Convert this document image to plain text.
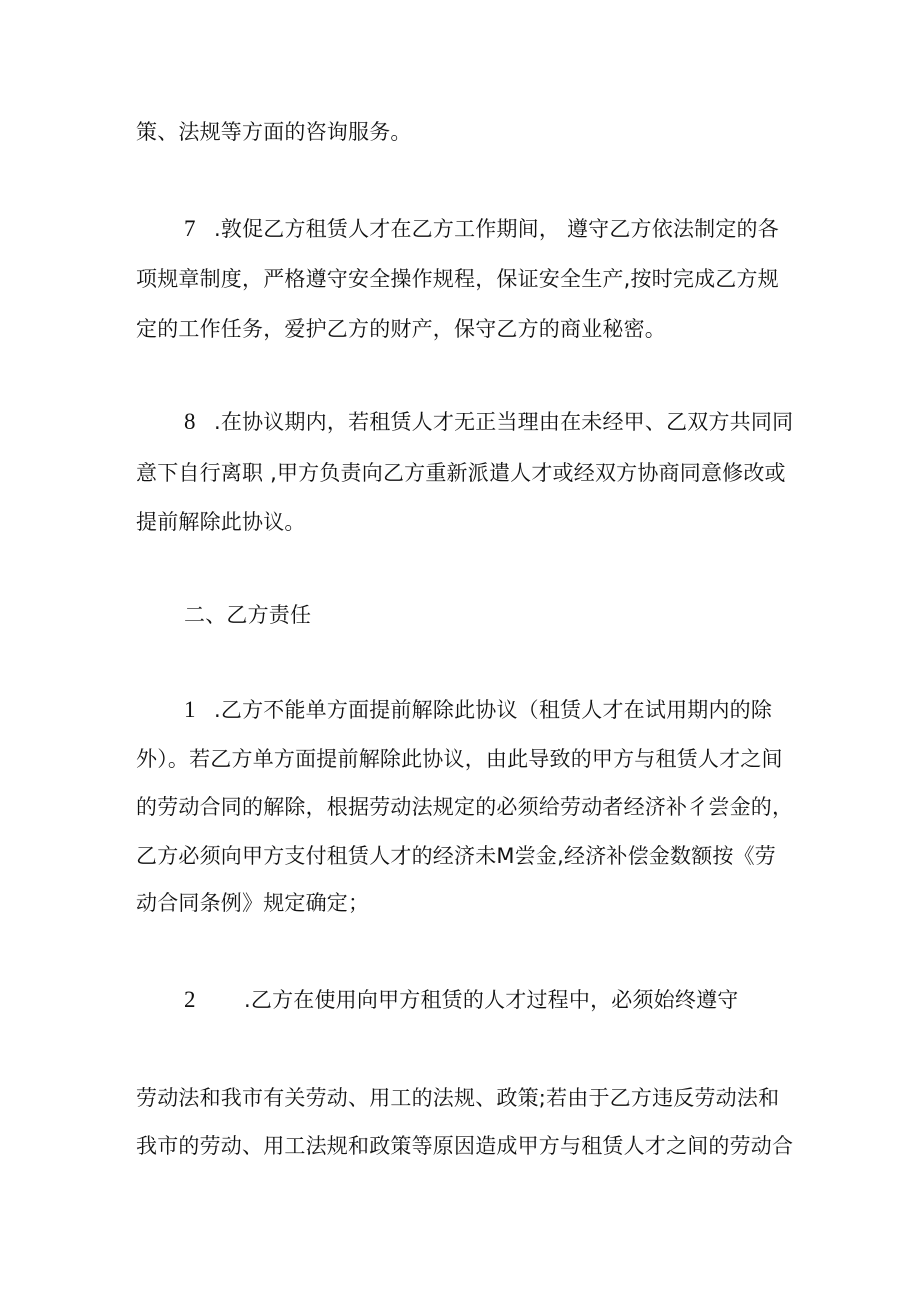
策、法规等方面的咨询服务。
7 .敦促乙方租赁人才在乙方工作期间， 遵守乙方依法制定的各
项规章制度，严格遵守安全操作规程，保证安全生产,按时完成乙方规
定的工作任务，爱护乙方的财产，保守乙方的商业秘密。
8 .在协议期内，若租赁人才无正当理由在未经甲、乙双方共同同
意下自行离职 ,甲方负责向乙方重新派遣人才或经双方协商同意修改或
提前解除此协议。
二、乙方责任
1 .乙方不能单方面提前解除此协议（租赁人才在试用期内的除
外）。若乙方单方面提前解除此协议，由此导致的甲方与租赁人才之间
的劳动合同的解除，根据劳动法规定的必须给劳动者经济补彳尝金的，
乙方必须向甲方支付租赁人才的经济未M尝金,经济补偿金数额按《劳
动合同条例》规定确定；
2 .乙方在使用向甲方租赁的人才过程中，必须始终遵守
劳动法和我市有关劳动、用工的法规、政策;若由于乙方违反劳动法和
我市的劳动、用工法规和政策等原因造成甲方与租赁人才之间的劳动合
